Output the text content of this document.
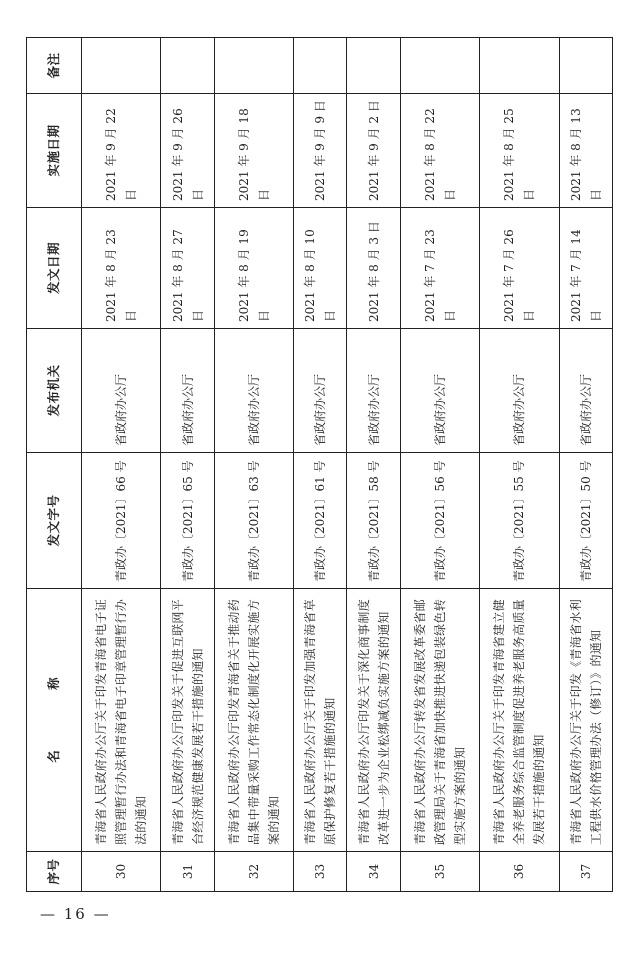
序号	名 称	发文字号	发布机关	发文日期	实施日期	备注
30	青海省人民政府办公厅关于印发青海省电子证照管理暂行办法和青海省电子印章管理暂行办法的通知	青政办〔2021〕66 号	省政府办公厅	2021 年 8 月 23 日	2021 年 9 月 22 日	
31	青海省人民政府办公厅印发关于促进互联网平台经济规范健康发展若干措施的通知	青政办〔2021〕65 号	省政府办公厅	2021 年 8 月 27 日	2021 年 9 月 26 日	
32	青海省人民政府办公厅印发青海省关于推动药品集中带量采购工作常态化制度化开展实施方案的通知	青政办〔2021〕63 号	省政府办公厅	2021 年 8 月 19 日	2021 年 9 月 18 日	
33	青海省人民政府办公厅关于印发加强青海省草原保护修复若干措施的通知	青政办〔2021〕61 号	省政府办公厅	2021 年 8 月 10 日	2021 年 9 月 9 日	
34	青海省人民政府办公厅印发关于深化商事制度改革进一步为企业松绑减负实施方案的通知	青政办〔2021〕58 号	省政府办公厅	2021 年 8 月 3 日	2021 年 9 月 2 日	
35	青海省人民政府办公厅转发省发展改革委省邮政管理局关于青海省加快推进快递包装绿色转型实施方案的通知	青政办〔2021〕56 号	省政府办公厅	2021 年 7 月 23 日	2021 年 8 月 22 日	
36	青海省人民政府办公厅关于印发青海省建立健全养老服务综合监管制度促进养老服务高质量发展若干措施的通知	青政办〔2021〕55 号	省政府办公厅	2021 年 7 月 26 日	2021 年 8 月 25 日	
37	青海省人民政府办公厅关于印发《青海省水利工程供水价格管理办法（修订）》的通知	青政办〔2021〕50 号	省政府办公厅	2021 年 7 月 14 日	2021 年 8 月 13 日	
— 16 —
